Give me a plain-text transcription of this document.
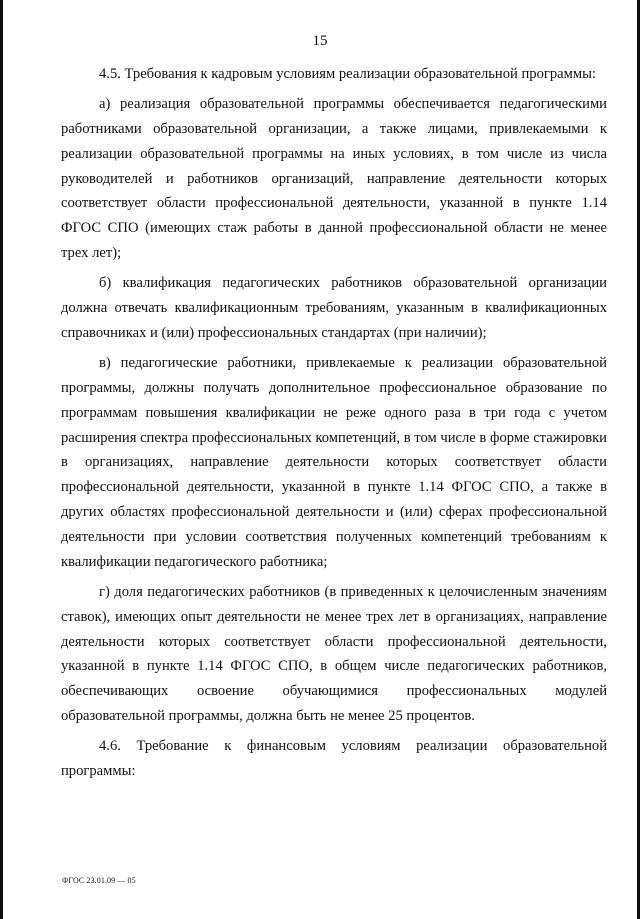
15

4.5. Требования к кадровым условиям реализации образовательной программы:

а) реализация образовательной программы обеспечивается педагогическими работниками образовательной организации, а также лицами, привлекаемыми к реализации образовательной программы на иных условиях, в том числе из числа руководителей и работников организаций, направление деятельности которых соответствует области профессиональной деятельности, указанной в пункте 1.14 ФГОС СПО (имеющих стаж работы в данной профессиональной области не менее трех лет);

б) квалификация педагогических работников образовательной организации должна отвечать квалификационным требованиям, указанным в квалификационных справочниках и (или) профессиональных стандартах (при наличии);

в) педагогические работники, привлекаемые к реализации образовательной программы, должны получать дополнительное профессиональное образование по программам повышения квалификации не реже одного раза в три года с учетом расширения спектра профессиональных компетенций, в том числе в форме стажировки в организациях, направление деятельности которых соответствует области профессиональной деятельности, указанной в пункте 1.14 ФГОС СПО, а также в других областях профессиональной деятельности и (или) сферах профессиональной деятельности при условии соответствия полученных компетенций требованиям к квалификации педагогического работника;

г) доля педагогических работников (в приведенных к целочисленным значениям ставок), имеющих опыт деятельности не менее трех лет в организациях, направление деятельности которых соответствует области профессиональной деятельности, указанной в пункте 1.14 ФГОС СПО, в общем числе педагогических работников, обеспечивающих освоение обучающимися профессиональных модулей образовательной программы, должна быть не менее 25 процентов.

4.6. Требование к финансовым условиям реализации образовательной программы:

ФГОС 23.01.09 — 05
